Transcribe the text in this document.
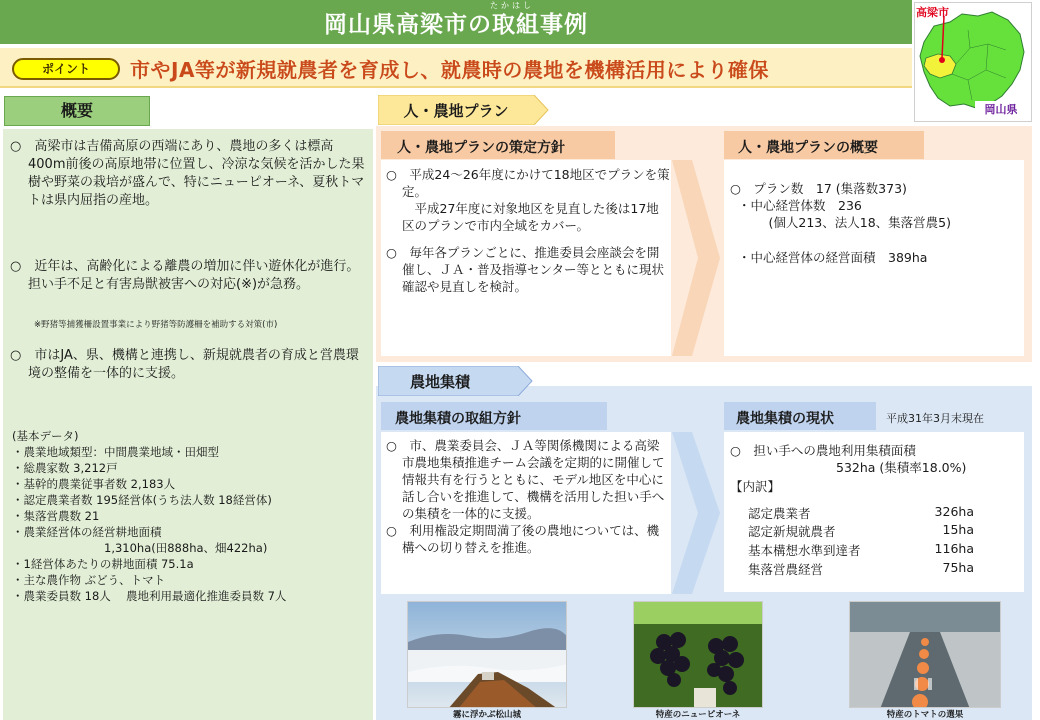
たかはし
岡山県高梁市の取組事例
ポイント	市やJA等が新規就農者を育成し、就農時の農地を機構活用により確保
高梁市
岡山県
概要
○　高梁市は吉備高原の西端にあり、農地の多くは標高400m前後の高原地帯に位置し、冷涼な気候を活かした果樹や野菜の栽培が盛んで、特にニューピオーネ、夏秋トマトは県内屈指の産地。
○　近年は、高齢化による離農の増加に伴い遊休化が進行。担い手不足と有害鳥獣被害への対応(※)が急務。
※野猪等捕獲柵設置事業により野猪等防護柵を補助する対策(市)
○　市はJA、県、機構と連携し、新規就農者の育成と営農環境の整備を一体的に支援。
(基本データ)
・農業地域類型：中間農業地域・田畑型
・総農家数 3,212戸
・基幹的農業従事者数 2,183人
・認定農業者数 195経営体(うち法人数 18経営体)
・集落営農数 21
・農業経営体の経営耕地面積
1,310ha(田888ha、畑422ha)
・1経営体あたりの耕地面積 75.1a
・主な農作物 ぶどう、トマト
・農業委員数 18人　 農地利用最適化推進委員数 7人
人・農地プラン
人・農地プランの策定方針
○　平成24～26年度にかけて18地区でプランを策定。
　平成27年度に対象地区を見直した後は17地区のプランで市内全域をカバー。
○　毎年各プランごとに、推進委員会座談会を開催し、ＪＡ・普及指導センター等とともに現状確認や見直しを検討。
人・農地プランの概要
○　プラン数　17 (集落数373)
・中心経営体数　236
　(個人213、法人18、集落営農5)
・中心経営体の経営面積　389ha
農地集積
農地集積の取組方針
○　市、農業委員会、ＪＡ等関係機関による高梁市農地集積推進チーム会議を定期的に開催して情報共有を行うとともに、モデル地区を中心に話し合いを推進して、機構を活用した担い手への集積を一体的に支援。
○　利用権設定期間満了後の農地については、機構への切り替えを推進。
農地集積の現状	平成31年3月末現在
○　担い手への農地利用集積面積
532ha (集積率18.0%)
【内訳】
認定農業者	326ha
認定新規就農者	15ha
基本構想水準到達者	116ha
集落営農経営	75ha
霧に浮かぶ松山城	特産のニューピオーネ	特産のトマトの選果
